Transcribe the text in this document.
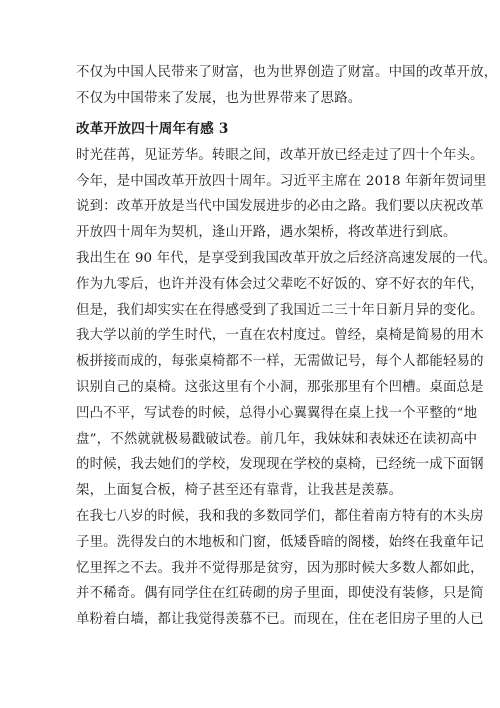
不仅为中国人民带来了财富，也为世界创造了财富。中国的改革开放，
不仅为中国带来了发展，也为世界带来了思路。
改革开放四十周年有感 3
时光荏苒，见证芳华。转眼之间，改革开放已经走过了四十个年头。
今年，是中国改革开放四十周年。习近平主席在 2018 年新年贺词里
说到：改革开放是当代中国发展进步的必由之路。我们要以庆祝改革
开放四十周年为契机，逢山开路，遇水架桥，将改革进行到底。
我出生在 90 年代，是享受到我国改革开放之后经济高速发展的一代。
作为九零后，也许并没有体会过父辈吃不好饭的、穿不好衣的年代，
但是，我们却实实在在得感受到了我国近二三十年日新月异的变化。
我大学以前的学生时代，一直在农村度过。曾经，桌椅是简易的用木
板拼接而成的，每张桌椅都不一样，无需做记号，每个人都能轻易的
识别自己的桌椅。这张这里有个小洞，那张那里有个凹槽。桌面总是
凹凸不平，写试卷的时候，总得小心翼翼得在桌上找一个平整的“地
盘”，不然就就极易戳破试卷。前几年，我妹妹和表妹还在读初高中
的时候，我去她们的学校，发现现在学校的桌椅，已经统一成下面钢
架，上面复合板，椅子甚至还有靠背，让我甚是羡慕。
在我七八岁的时候，我和我的多数同学们，都住着南方特有的木头房
子里。洗得发白的木地板和门窗，低矮昏暗的阁楼，始终在我童年记
忆里挥之不去。我并不觉得那是贫穷，因为那时候大多数人都如此，
并不稀奇。偶有同学住在红砖砌的房子里面，即使没有装修，只是简
单粉着白墙，都让我觉得羡慕不已。而现在，住在老旧房子里的人已
